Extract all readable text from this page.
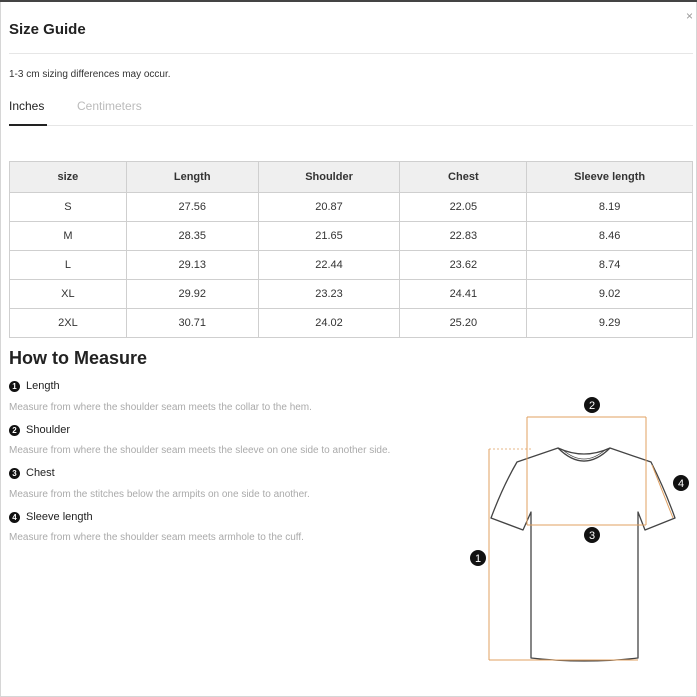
Size Guide
×
1-3 cm sizing differences may occur.
Inches	Centimeters
size	Length	Shoulder	Chest	Sleeve length
S	27.56	20.87	22.05	8.19
M	28.35	21.65	22.83	8.46
L	29.13	22.44	23.62	8.74
XL	29.92	23.23	24.41	9.02
2XL	30.71	24.02	25.20	9.29
How to Measure
1 Length
Measure from where the shoulder seam meets the collar to the hem.
2 Shoulder
Measure from where the shoulder seam meets the sleeve on one side to another side.
3 Chest
Measure from the stitches below the armpits on one side to another.
4 Sleeve length
Measure from where the shoulder seam meets armhole to the cuff.
2
4
3
1
